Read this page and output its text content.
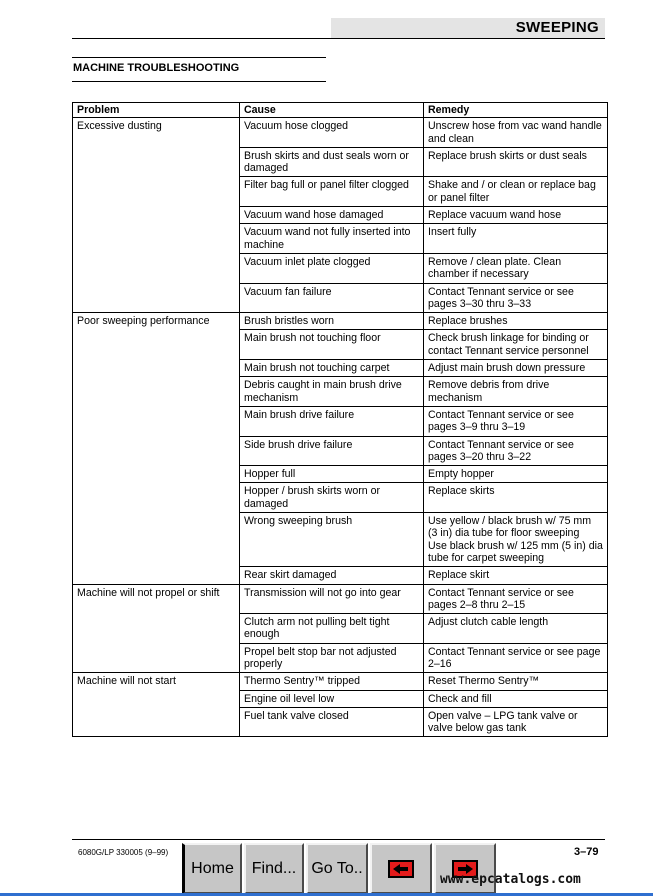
SWEEPING
MACHINE TROUBLESHOOTING
Problem	Cause	Remedy
Excessive dusting	Vacuum hose clogged	Unscrew hose from vac wand handle and clean

	Brush skirts and dust seals worn or damaged	Replace brush skirts or dust seals

	Filter bag full or panel filter clogged	Shake and / or clean or replace bag or panel filter

	Vacuum wand hose damaged	Replace vacuum wand hose

	Vacuum wand not fully inserted into machine	Insert fully

	Vacuum inlet plate clogged	Remove / clean plate. Clean chamber if necessary

	Vacuum fan failure	Contact Tennant service or see pages 3–30 thru 3–33

Poor sweeping performance	Brush bristles worn	Replace brushes

	Main brush not touching floor	Check brush linkage for binding or contact Tennant service personnel

	Main brush not touching carpet	Adjust main brush down pressure

	Debris caught in main brush drive mechanism	Remove debris from drive mechanism

	Main brush drive failure	Contact Tennant service or see pages 3–9 thru 3–19

	Side brush drive failure	Contact Tennant service or see pages 3–20 thru 3–22

	Hopper full	Empty hopper

	Hopper / brush skirts worn or damaged	Replace skirts

	Wrong sweeping brush	Use yellow / black brush w/ 75 mm (3 in) dia tube for floor sweeping
Use black brush w/ 125 mm (5 in) dia tube for carpet sweeping

	Rear skirt damaged	Replace skirt

Machine will not propel or shift	Transmission will not go into gear	Contact Tennant service or see pages 2–8 thru 2–15

	Clutch arm not pulling belt tight enough	Adjust clutch cable length

	Propel belt stop bar not adjusted properly	Contact Tennant service or see page 2–16

Machine will not start	Thermo Sentry™ tripped	Reset Thermo Sentry™

	Engine oil level low	Check and fill

	Fuel tank valve closed	Open valve – LPG tank valve or valve below gas tank
6080G/LP 330005 (9–99)	3–79
Home Find... Go To..
www.epcatalogs.com
